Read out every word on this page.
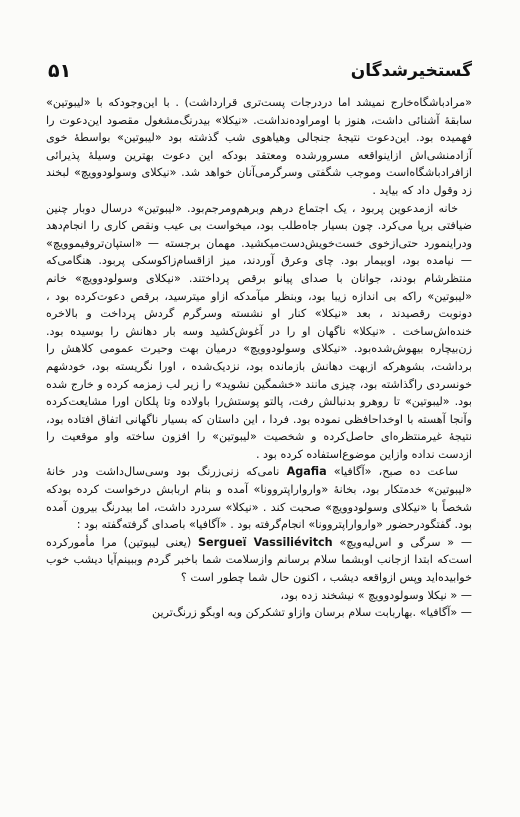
گستخیرشدگان
۵۱

«مرادباشگاه‌خارج نمیشد اما دردرجات پست‌تری قرارداشت) . با این‌وجودکه با «لیبوتین» سابقهٔ آشنائی داشت، هنوز با اومراوده‌نداشت. «نیکلا» بیدرنگ‌مشغول مقصود این‌دعوت را فهمیده بود. این‌دعوت نتیجهٔ جنجالی وهیاهوی شب گذشته بود «لیبوتین» بواسطهٔ خوی آزادمنشی‌اش ازاینواقعه مسرورشده ومعتقد بودکه این دعوت بهترین وسیلهٔ پذیرائی ازافرادباشگاه‌است وموجب شگفتی وسرگرمی‌آنان خواهد شد. «نیکلای وسولودوویچ» لبخند زد وقول داد که بیاید .

خانه ازمدعوین پربود ، یک اجتماع درهم وبرهم‌ومرجم‌بود. «لیبوتین» درسال دوبار چنین ضیافتی برپا می‌کرد. چون بسیار جاه‌طلب بود، میخواست بی عیب ونقص کاری را انجام‌دهد ودراینمورد حتی‌ازخوی خست‌خویش‌دست‌میکشید. مهمان برجسته — «استپان‌تروفیموویچ» — نیامده بود، اوبیمار بود. چای وعرق آوردند، میز ازاقسام‌زاکوسکی پربود. هنگامی‌که منتظرشام بودند، جوانان با صدای پیانو برقص پرداختند. «نیکلای وسولودوویچ» خانم «لیبوتین» راکه بی اندازه زیبا بود، وبنظر میآمدکه ازاو میترسید، برقص دعوت‌کرده بود ، دونوبت رقصیدند ، بعد «نیکلا» کنار او نشسته وسرگرم گردش پرداخت و بالاخره خنده‌اش‌ساخت . «نیکلا» ناگهان او را در آغوش‌کشید وسه بار دهانش را بوسیده بود. زن‌بیچاره بیهوش‌شده‌بود. «نیکلای وسولودوویچ» درمیان بهت وحیرت عمومی کلاهش را برداشت، بشوهرکه ازبهت دهانش بازمانده بود، نزدیک‌شده ، اورا نگریسته بود، خودشهم خونسردی راگذاشته بود، چیزی مانند «خشمگین نشوید» را زیر لب زمزمه کرده و خارج شده بود. «لیبوتین» تا روهرو بدنبالش رفت، پالتو پوستش‌را باولاده وتا پلکان اورا مشایعت‌کرده وآنجا آهسته با اوخداحافظی نموده بود. فردا ، این داستان که بسیار ناگهانی اتفاق افتاده بود، نتیجهٔ غیرمنتظره‌ای حاصل‌کرده و شخصیت «لیبوتین» را افزون ساخته واو موقعیت را ازدست نداده وازاین موضوع‌استفاده کرده بود .

ساعت ده صبح، «آگافیا» Agafia نامی‌که زنی‌زرنگ بود وسی‌سال‌داشت ودر خانهٔ «لیبوتین» خدمتکار بود، بخانهٔ «واروارا‌پتروونا» آمده و بنام اربابش درخواست کرده بودکه شخصاً با «نیکلای وسولودوویچ» صحبت کند . «نیکلا» سردرد داشت، اما بیدرنگ بیرون آمده بود. گفتگودرحضور «واروارا‌پتروونا» انجام‌گرفته بود . «آگافیا» باصدای گرفته‌گفته بود :

— « سرگی و اس‌لیه‌ویچ» Sergueï Vassiliévitch (یعنی لیبوتین) مرا مأمورکرده است‌که ابتدا ازجانب اوبشما سلام برسانم وازسلامت شما باخبر گردم وببینم‌آیا دیشب خوب خوابیده‌اید وپس ازواقعه دیشب ، اکنون حال شما چطور است ؟

— « نیکلا وسولودوویچ » نیشخند زده بود،

— «آگافیا» .بهاربابت سلام برسان وازاو تشکرکن وبه اوبگو زرنگ‌ترین
